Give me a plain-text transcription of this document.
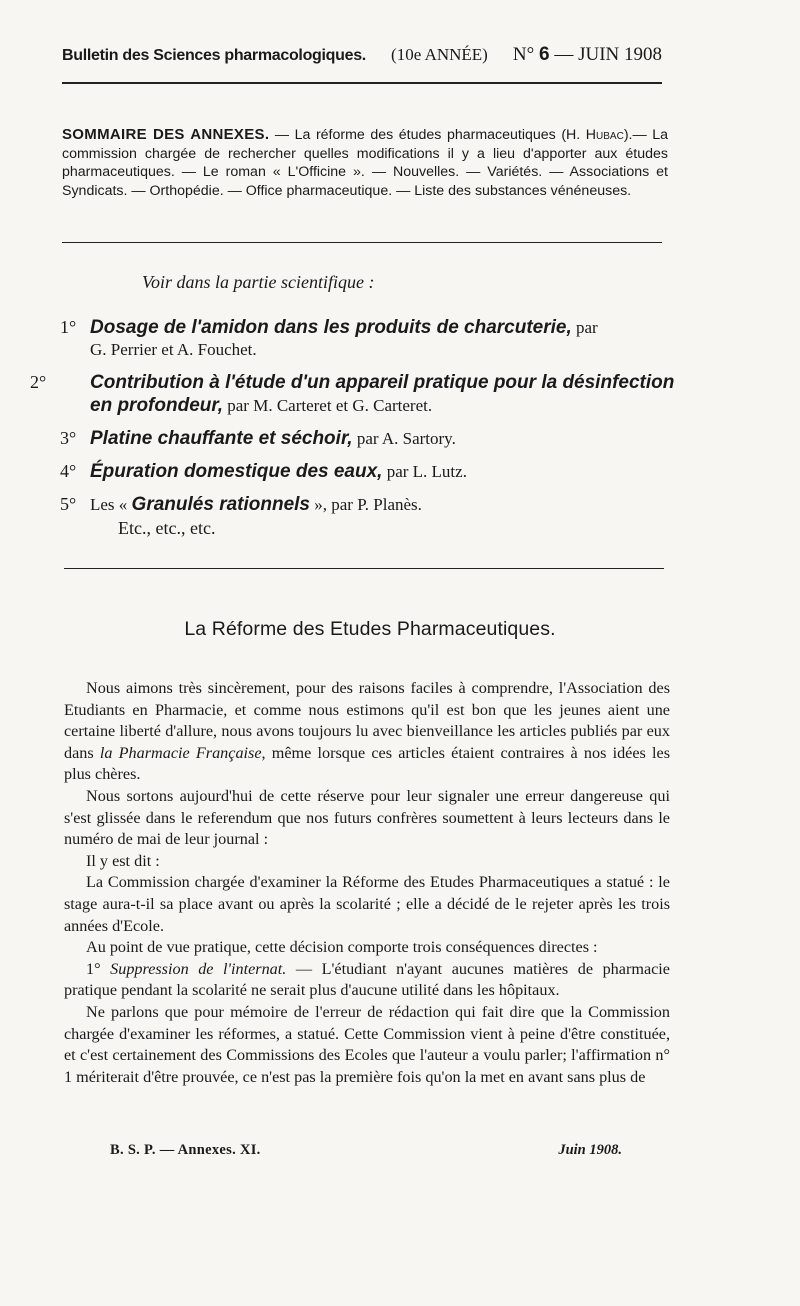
Bulletin des Sciences pharmacologiques. (10e ANNÉE) N° 6 — JUIN 1908
SOMMAIRE DES ANNEXES. — La réforme des études pharmaceutiques (H. Hubac).— La commission chargée de rechercher quelles modifications il y a lieu d'apporter aux études pharmaceutiques. — Le roman « L'Officine ». — Nouvelles. — Variétés. — Associations et Syndicats. — Orthopédie. — Office pharmaceutique. — Liste des substances vénéneuses.
Voir dans la partie scientifique :
1° Dosage de l'amidon dans les produits de charcuterie, par
G. Perrier et A. Fouchet.
2° Contribution à l'étude d'un appareil pratique pour la désinfection en profondeur, par M. Carteret et G. Carteret.
3° Platine chauffante et séchoir, par A. Sartory.
4° Épuration domestique des eaux, par L. Lutz.
5° Les « Granulés rationnels », par P. Planès.
Etc., etc., etc.
La Réforme des Etudes Pharmaceutiques.

Nous aimons très sincèrement, pour des raisons faciles à comprendre, l'Association des Etudiants en Pharmacie, et comme nous estimons qu'il est bon que les jeunes aient une certaine liberté d'allure, nous avons toujours lu avec bienveillance les articles publiés par eux dans la Pharmacie Française, même lorsque ces articles étaient contraires à nos idées les plus chères.

Nous sortons aujourd'hui de cette réserve pour leur signaler une erreur dangereuse qui s'est glissée dans le referendum que nos futurs confrères soumettent à leurs lecteurs dans le numéro de mai de leur journal :

Il y est dit :

La Commission chargée d'examiner la Réforme des Etudes Pharmaceutiques a statué : le stage aura-t-il sa place avant ou après la scolarité ; elle a décidé de le rejeter après les trois années d'Ecole.

Au point de vue pratique, cette décision comporte trois conséquences directes :

1° Suppression de l'internat. — L'étudiant n'ayant aucunes matières de pharmacie pratique pendant la scolarité ne serait plus d'aucune utilité dans les hôpitaux.

Ne parlons que pour mémoire de l'erreur de rédaction qui fait dire que la Commission chargée d'examiner les réformes, a statué. Cette Commission vient à peine d'être constituée, et c'est certainement des Commissions des Ecoles que l'auteur a voulu parler; l'affirmation n° 1 mériterait d'être prouvée, ce n'est pas la première fois qu'on la met en avant sans plus de

B. S. P. — Annexes. XI.	Juin 1908.
